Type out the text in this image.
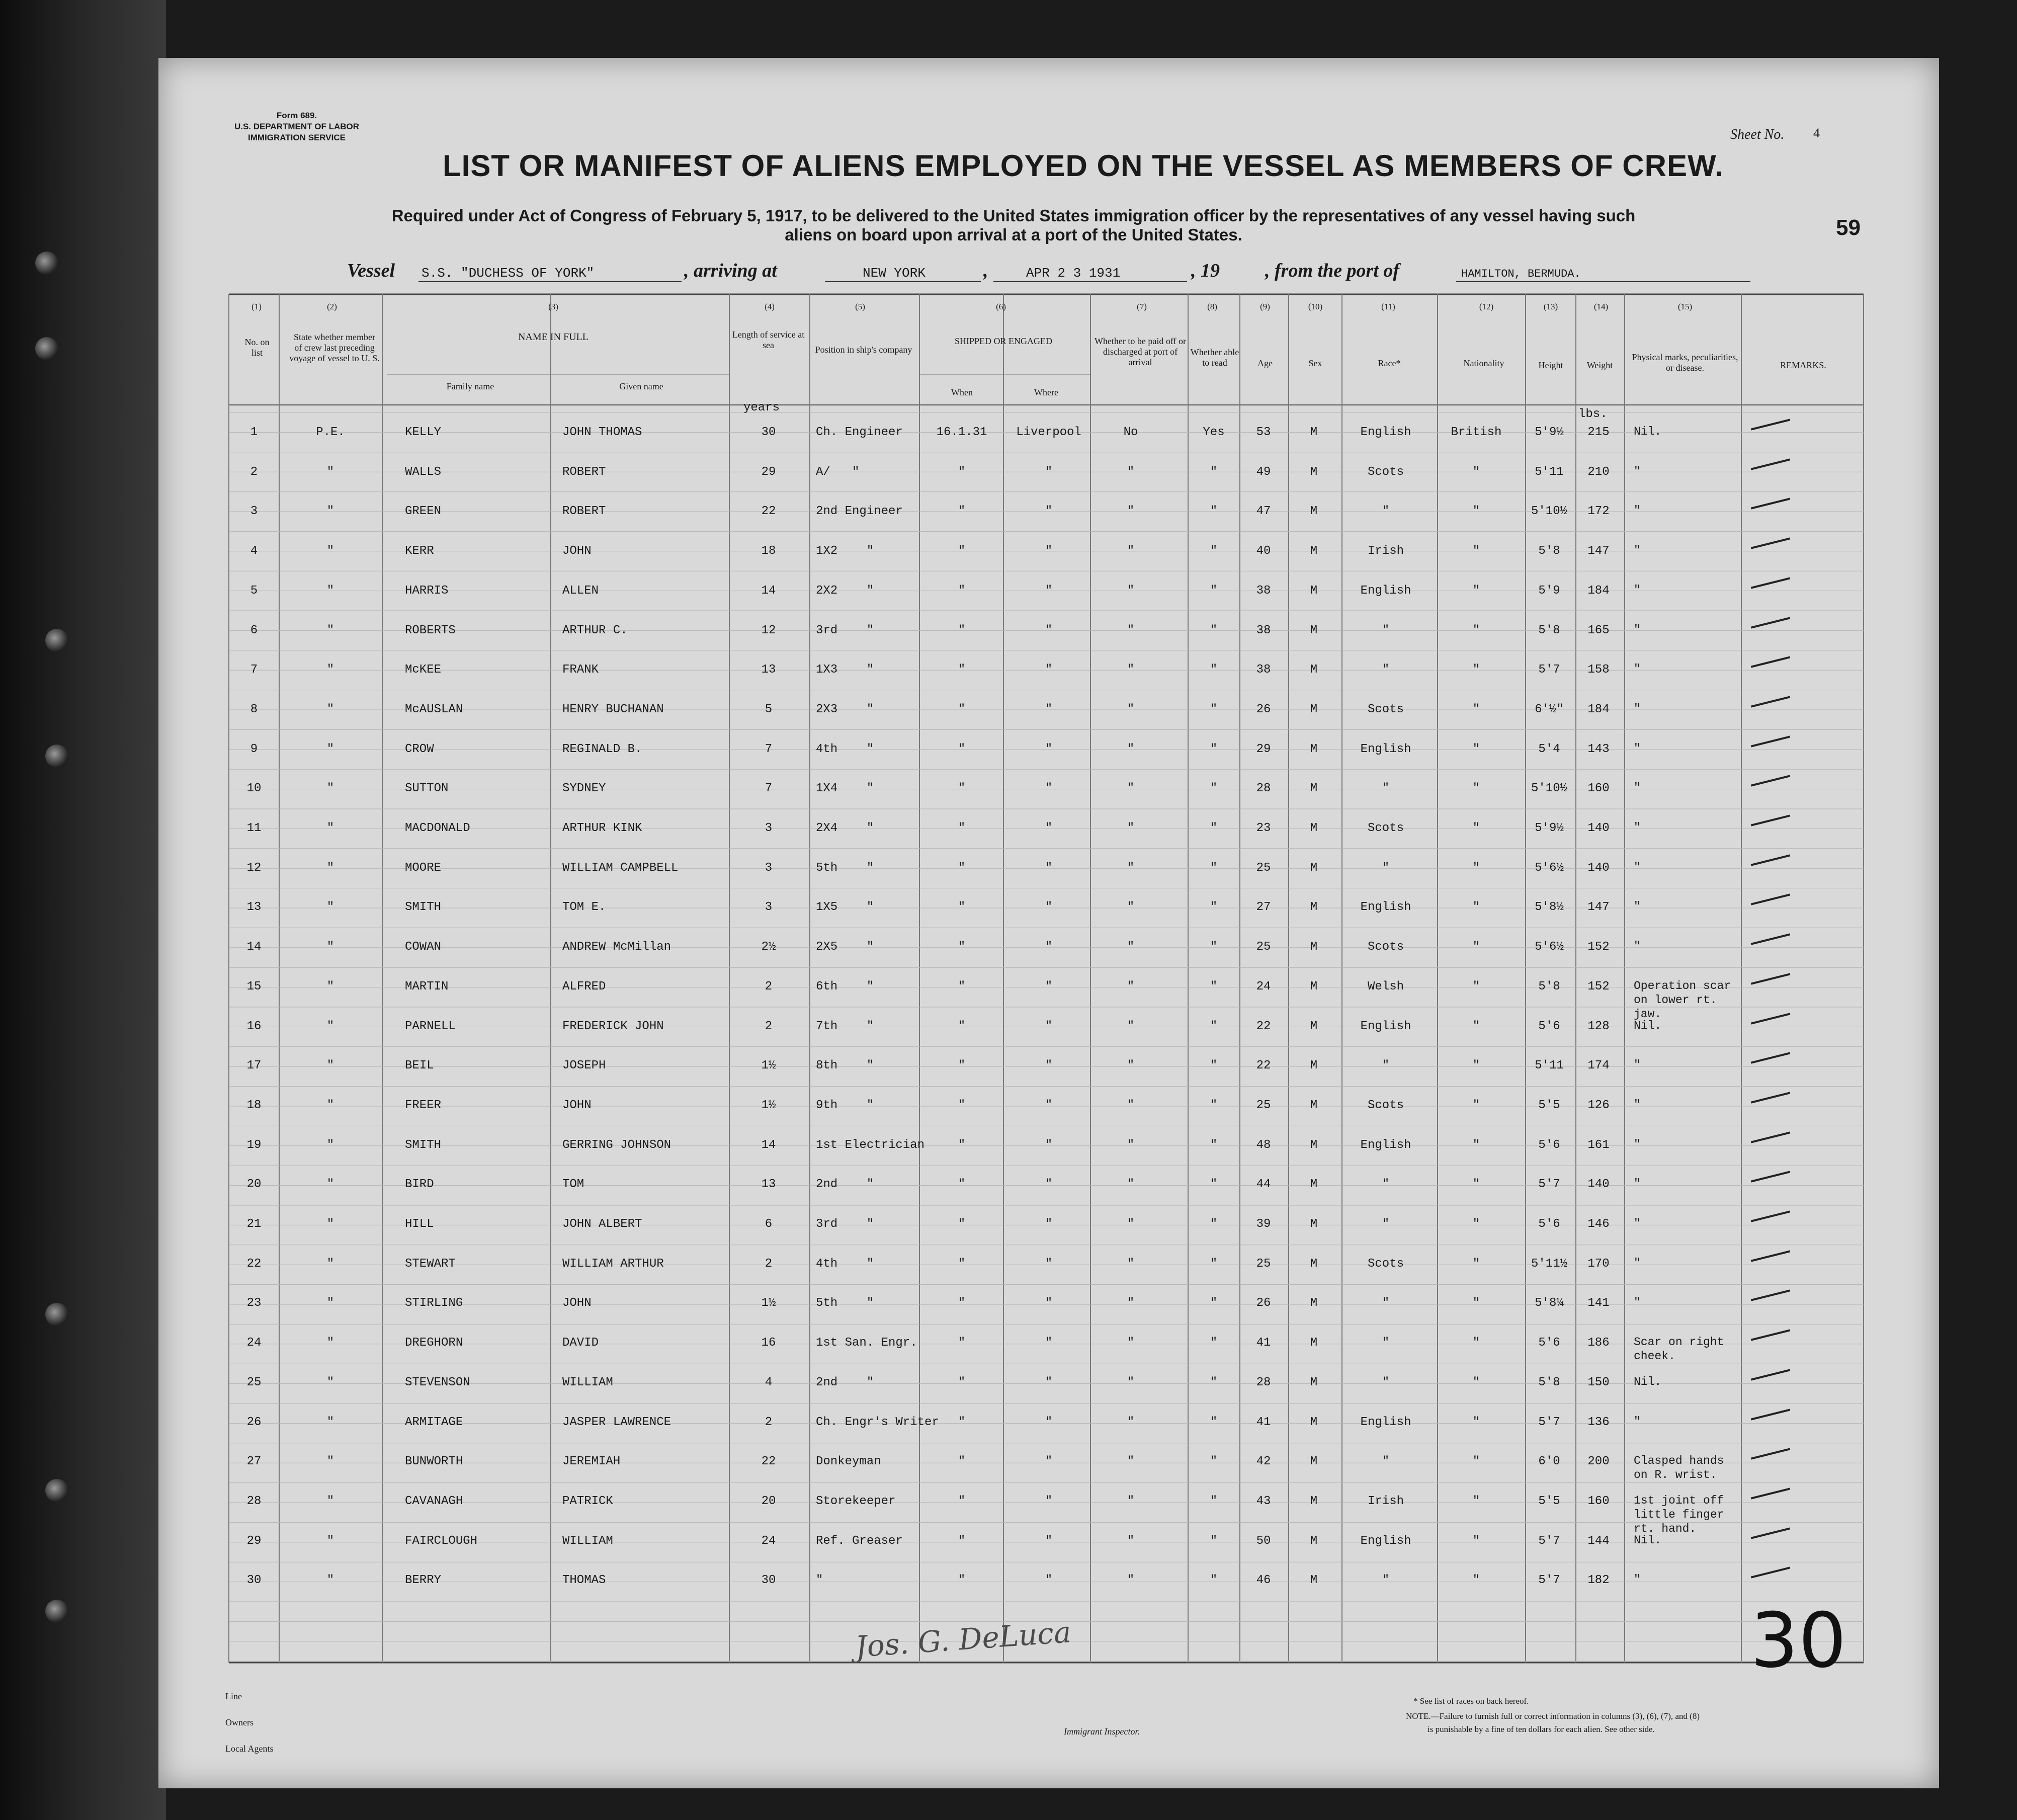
Form 689.
U.S. DEPARTMENT OF LABOR
IMMIGRATION SERVICE	Sheet No. 4
59
LIST OR MANIFEST OF ALIENS EMPLOYED ON THE VESSEL AS MEMBERS OF CREW.
Required under Act of Congress of February 5, 1917, to be delivered to the United States immigration officer by the representatives of any vessel having such
aliens on board upon arrival at a port of the United States.
Vessel S.S. "DUCHESS OF YORK"	, arriving at	NEW YORK	,	APR 2 3 1931	, 19 , from the port of	HAMILTON, BERMUDA.
(1)	(2)	(3)	(4)	(5)	(6)	(7)	(8)	(9)	(10)	(11)	(12)	(13)	(14)	(15)
No. on list
State whether member of crew last preceding voyage of vessel to U. S.
NAME IN FULL
Family name	Given name
Length of service at sea	Position in ship's company
SHIPPED OR ENGAGED
When	Where
Whether to be paid off or discharged at port of arrival
Whether able to read	Age	Sex	Race*	Nationality	Height	Weight
Physical marks, peculiarities, or disease.	REMARKS.
years	lbs.
1	P.E.	KELLY	JOHN THOMAS	30	Ch. Engineer	16.1.31	Liverpool	No	Yes	53	M	English	British	5'9½	215	Nil.
2	"	WALLS	ROBERT	29	A/   "	"	"	"	"	49	M	Scots	"	5'11	210	"
3	"	GREEN	ROBERT	22	2nd Engineer	"	"	"	"	47	M	"	"	5'10½	172	"
4	"	KERR	JOHN	18	1X2    "	"	"	"	"	40	M	Irish	"	5'8	147	"
5	"	HARRIS	ALLEN	14	2X2    "	"	"	"	"	38	M	English	"	5'9	184	"
6	"	ROBERTS	ARTHUR C.	12	3rd    "	"	"	"	"	38	M	"	"	5'8	165	"
7	"	McKEE	FRANK	13	1X3    "	"	"	"	"	38	M	"	"	5'7	158	"
8	"	McAUSLAN	HENRY BUCHANAN	5	2X3    "	"	"	"	"	26	M	Scots	"	6'½"	184	"
9	"	CROW	REGINALD B.	7	4th    "	"	"	"	"	29	M	English	"	5'4	143	"
10	"	SUTTON	SYDNEY	7	1X4    "	"	"	"	"	28	M	"	"	5'10½	160	"
11	"	MACDONALD	ARTHUR KINK	3	2X4    "	"	"	"	"	23	M	Scots	"	5'9½	140	"
12	"	MOORE	WILLIAM CAMPBELL	3	5th    "	"	"	"	"	25	M	"	"	5'6½	140	"
13	"	SMITH	TOM E.	3	1X5    "	"	"	"	"	27	M	English	"	5'8½	147	"
14	"	COWAN	ANDREW McMillan	2½	2X5    "	"	"	"	"	25	M	Scots	"	5'6½	152	"
15	"	MARTIN	ALFRED	2	6th    "	"	"	"	"	24	M	Welsh	"	5'8	152	Operation scar on lower rt. jaw.
16	"	PARNELL	FREDERICK JOHN	2	7th    "	"	"	"	"	22	M	English	"	5'6	128	Nil.
17	"	BEIL	JOSEPH	1½	8th    "	"	"	"	"	22	M	"	"	5'11	174	"
18	"	FREER	JOHN	1½	9th    "	"	"	"	"	25	M	Scots	"	5'5	126	"
19	"	SMITH	GERRING JOHNSON	14	1st Electrician	"	"	"	"	48	M	English	"	5'6	161	"
20	"	BIRD	TOM	13	2nd    "	"	"	"	"	44	M	"	"	5'7	140	"
21	"	HILL	JOHN ALBERT	6	3rd    "	"	"	"	"	39	M	"	"	5'6	146	"
22	"	STEWART	WILLIAM ARTHUR	2	4th    "	"	"	"	"	25	M	Scots	"	5'11½	170	"
23	"	STIRLING	JOHN	1½	5th    "	"	"	"	"	26	M	"	"	5'8¼	141	"
24	"	DREGHORN	DAVID	16	1st San. Engr.	"	"	"	"	41	M	"	"	5'6	186	Scar on right cheek.
25	"	STEVENSON	WILLIAM	4	2nd    "	"	"	"	"	28	M	"	"	5'8	150	Nil.
26	"	ARMITAGE	JASPER LAWRENCE	2	Ch. Engr's Writer	"	"	"	"	41	M	English	"	5'7	136	"
27	"	BUNWORTH	JEREMIAH	22	Donkeyman	"	"	"	"	42	M	"	"	6'0	200	Clasped hands on R. wrist.
28	"	CAVANAGH	PATRICK	20	Storekeeper	"	"	"	"	43	M	Irish	"	5'5	160	1st joint off little finger rt. hand.
29	"	FAIRCLOUGH	WILLIAM	24	Ref. Greaser	"	"	"	"	50	M	English	"	5'7	144	Nil.
30	"	BERRY	THOMAS	30	"	"	"	"	"	46	M	"	"	5'7	182	"
Line
Owners
Local Agents
Immigrant Inspector.
Jos. G. DeLuca	30
* See list of races on back hereof.
NOTE.—Failure to furnish full or correct information in columns (3), (6), (7), and (8)
is punishable by a fine of ten dollars for each alien. See other side.
